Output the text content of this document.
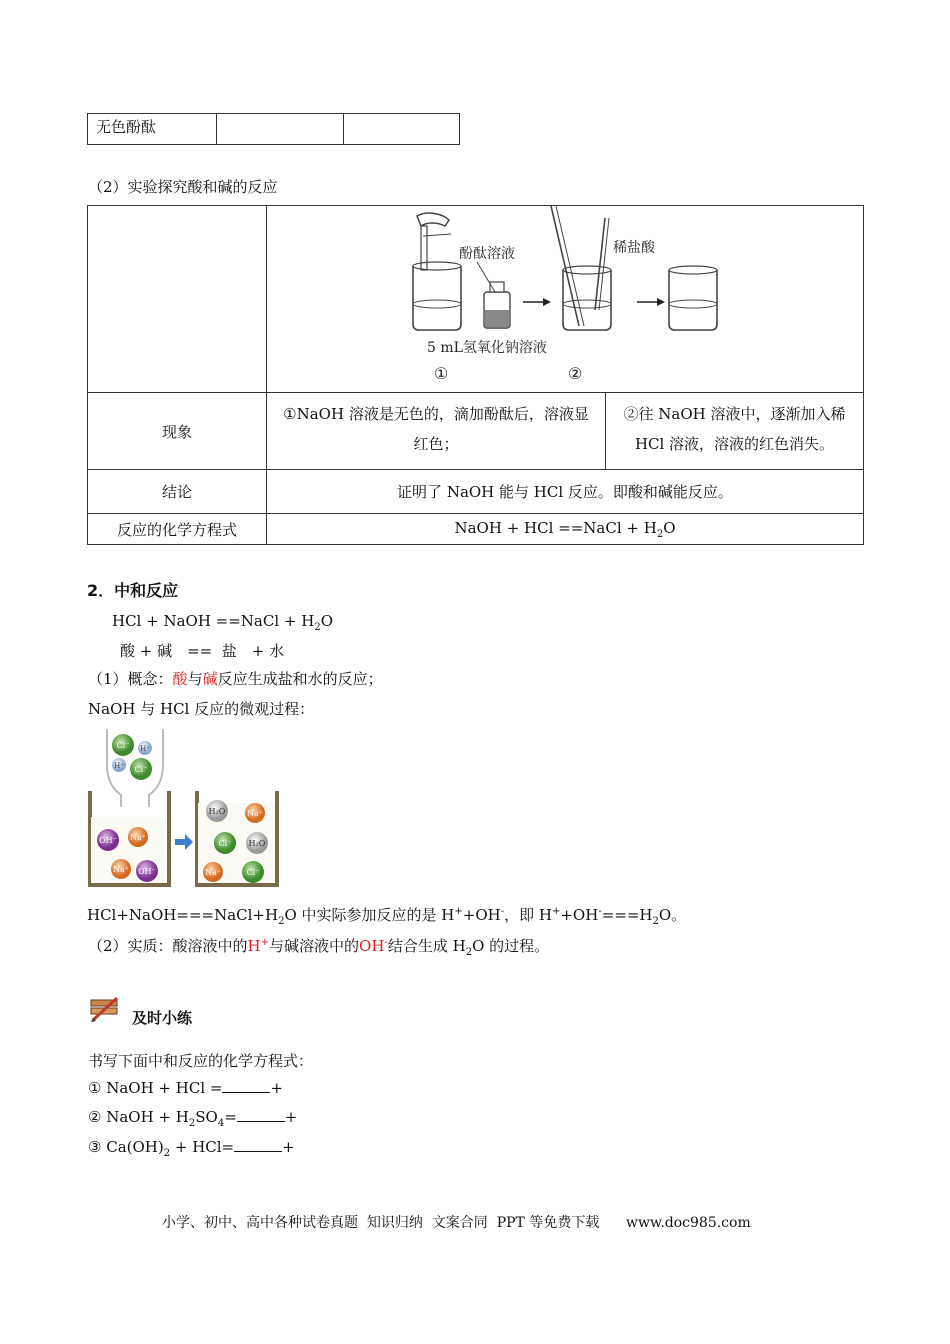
无色酚酞		
（2）实验探究酸和碱的反应

酚酞溶液 稀盐酸
5 mL氢氧化钠溶液
① ②	

现象	①NaOH 溶液是无色的，滴加酚酞后，溶液显红色；	②往 NaOH 溶液中，逐渐加入稀 HCl 溶液，溶液的红色消失。
结论	证明了 NaOH 能与 HCl 反应。即酸和碱能反应。	
反应的化学方程式	NaOH + HCl ==NaCl + $H_2O$	
2．中和反应
HCl + NaOH ==NaCl + $H_2O$
酸 + 碱　==  盐　+ 水
（1）概念：酸与碱反应生成盐和水的反应；
NaOH 与 HCl 反应的微观过程：
Cl⁻ H⁺
H⁺ Cl⁻
OH⁻ Na⁺
Na⁺ OH⁻
H₂O	Na⁺
Cl⁻ H₂O
Na⁺	Cl⁻
$HCl+NaOH===NaCl+H_2O$ 中实际参加反应的是 H++OH-，即 $H^++OH^-===H_2O$。
（2）实质：酸溶液中的H+与碱溶液中的OH-结合生成 $H_2O$ 的过程。
及时小练
书写下面中和反应的化学方程式：
① NaOH + HCl =	+
② NaOH + $H_2SO_4=$	+
③ $Ca(OH)_2 + HCl=$	+
小学、初中、高中各种试卷真题  知识归纳  文案合同  PPT 等免费下载 www.doc985.com
